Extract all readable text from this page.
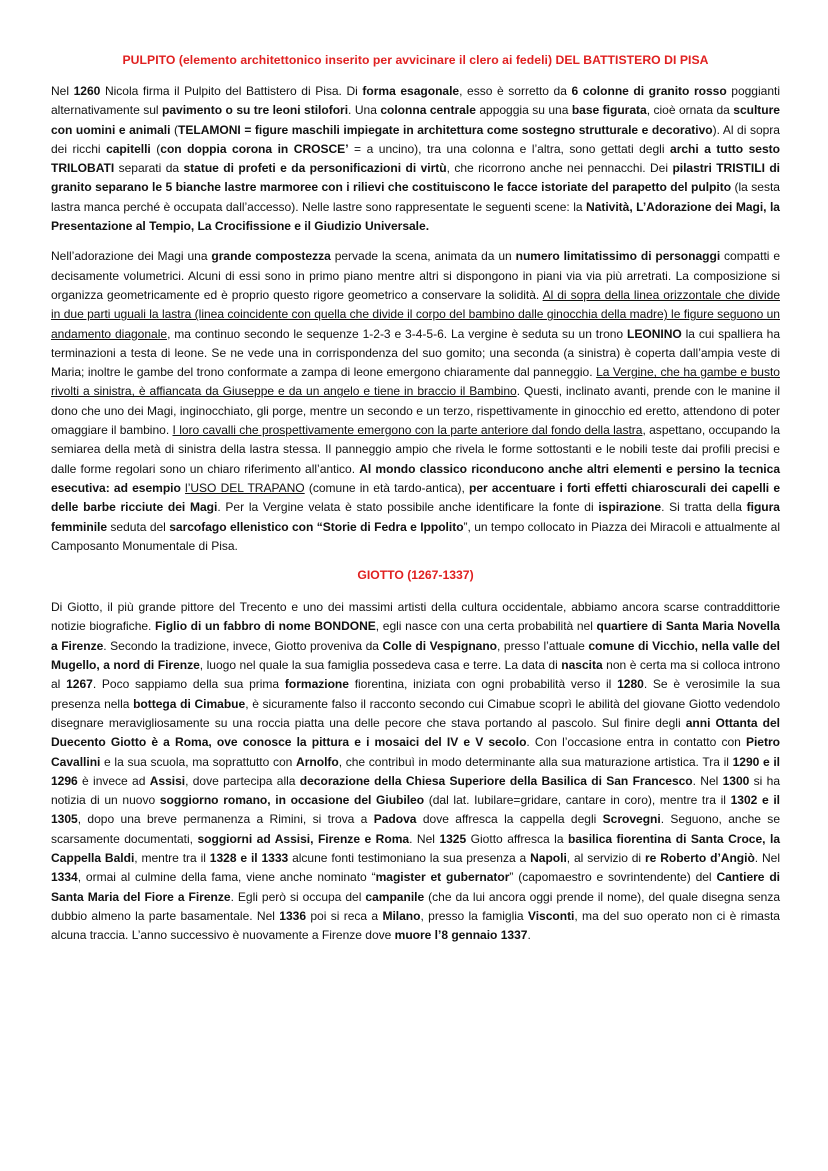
PULPITO (elemento architettonico inserito per avvicinare il clero ai fedeli) DEL BATTISTERO DI PISA

Nel 1260 Nicola firma il Pulpito del Battistero di Pisa. Di forma esagonale, esso è sorretto da 6 colonne di granito rosso poggianti alternativamente sul pavimento o su tre leoni stilofori. Una colonna centrale appoggia su una base figurata, cioè ornata da sculture con uomini e animali (TELAMONI = figure maschili impiegate in architettura come sostegno strutturale e decorativo). Al di sopra dei ricchi capitelli (con doppia corona in CROSCE’ = a uncino), tra una colonna e l’altra, sono gettati degli archi a tutto sesto TRILOBATI separati da statue di profeti e da personificazioni di virtù, che ricorrono anche nei pennacchi. Dei pilastri TRISTILI di granito separano le 5 bianche lastre marmoree con i rilievi che costituiscono le facce istoriate del parapetto del pulpito (la sesta lastra manca perché è occupata dall’accesso). Nelle lastre sono rappresentate le seguenti scene: la Natività, L’Adorazione dei Magi, la Presentazione al Tempio, La Crocifissione e il Giudizio Universale.

Nell’adorazione dei Magi una grande compostezza pervade la scena, animata da un numero limitatissimo di personaggi compatti e decisamente volumetrici. Alcuni di essi sono in primo piano mentre altri si dispongono in piani via via più arretrati. La composizione si organizza geometricamente ed è proprio questo rigore geometrico a conservare la solidità. Al di sopra della linea orizzontale che divide in due parti uguali la lastra (linea coincidente con quella che divide il corpo del bambino dalle ginocchia della madre) le figure seguono un andamento diagonale, ma continuo secondo le sequenze 1-2-3 e 3-4-5-6. La vergine è seduta su un trono LEONINO la cui spalliera ha terminazioni a testa di leone. Se ne vede una in corrispondenza del suo gomito; una seconda (a sinistra) è coperta dall’ampia veste di Maria; inoltre le gambe del trono conformate a zampa di leone emergono chiaramente dal panneggio. La Vergine, che ha gambe e busto rivolti a sinistra, è affiancata da Giuseppe e da un angelo e tiene in braccio il Bambino. Questi, inclinato avanti, prende con le manine il dono che uno dei Magi, inginocchiato, gli porge, mentre un secondo e un terzo, rispettivamente in ginocchio ed eretto, attendono di poter omaggiare il bambino. I loro cavalli che prospettivamente emergono con la parte anteriore dal fondo della lastra, aspettano, occupando la semiarea della metà di sinistra della lastra stessa. Il panneggio ampio che rivela le forme sottostanti e le nobili teste dai profili precisi e dalle forme regolari sono un chiaro riferimento all’antico. Al mondo classico riconducono anche altri elementi e persino la tecnica esecutiva: ad esempio l’USO DEL TRAPANO (comune in età tardo-antica), per accentuare i forti effetti chiaroscurali dei capelli e delle barbe ricciute dei Magi. Per la Vergine velata è stato possibile anche identificare la fonte di ispirazione. Si tratta della figura femminile seduta del sarcofago ellenistico con “Storie di Fedra e Ippolito”, un tempo collocato in Piazza dei Miracoli e attualmente al Camposanto Monumentale di Pisa.

GIOTTO (1267-1337)

Di Giotto, il più grande pittore del Trecento e uno dei massimi artisti della cultura occidentale, abbiamo ancora scarse contraddittorie notizie biografiche. Figlio di un fabbro di nome BONDONE, egli nasce con una certa probabilità nel quartiere di Santa Maria Novella a Firenze. Secondo la tradizione, invece, Giotto proveniva da Colle di Vespignano, presso l’attuale comune di Vicchio, nella valle del Mugello, a nord di Firenze, luogo nel quale la sua famiglia possedeva casa e terre. La data di nascita non è certa ma si colloca introno al 1267. Poco sappiamo della sua prima formazione fiorentina, iniziata con ogni probabilità verso il 1280. Se è verosimile la sua presenza nella bottega di Cimabue, è sicuramente falso il racconto secondo cui Cimabue scoprì le abilità del giovane Giotto vedendolo disegnare meravigliosamente su una roccia piatta una delle pecore che stava portando al pascolo. Sul finire degli anni Ottanta del Duecento Giotto è a Roma, ove conosce la pittura e i mosaici del IV e V secolo. Con l’occasione entra in contatto con Pietro Cavallini e la sua scuola, ma soprattutto con Arnolfo, che contribuì in modo determinante alla sua maturazione artistica. Tra il 1290 e il 1296 è invece ad Assisi, dove partecipa alla decorazione della Chiesa Superiore della Basilica di San Francesco. Nel 1300 si ha notizia di un nuovo soggiorno romano, in occasione del Giubileo (dal lat. Iubilare=gridare, cantare in coro), mentre tra il 1302 e il 1305, dopo una breve permanenza a Rimini, si trova a Padova dove affresca la cappella degli Scrovegni. Seguono, anche se scarsamente documentati, soggiorni ad Assisi, Firenze e Roma. Nel 1325 Giotto affresca la basilica fiorentina di Santa Croce, la Cappella Baldi, mentre tra il 1328 e il 1333 alcune fonti testimoniano la sua presenza a Napoli, al servizio di re Roberto d’Angiò. Nel 1334, ormai al culmine della fama, viene anche nominato “magister et gubernator” (capomaestro e sovrintendente) del Cantiere di Santa Maria del Fiore a Firenze. Egli però si occupa del campanile (che da lui ancora oggi prende il nome), del quale disegna senza dubbio almeno la parte basamentale. Nel 1336 poi si reca a Milano, presso la famiglia Visconti, ma del suo operato non ci è rimasta alcuna traccia. L’anno successivo è nuovamente a Firenze dove muore l’8 gennaio 1337.
